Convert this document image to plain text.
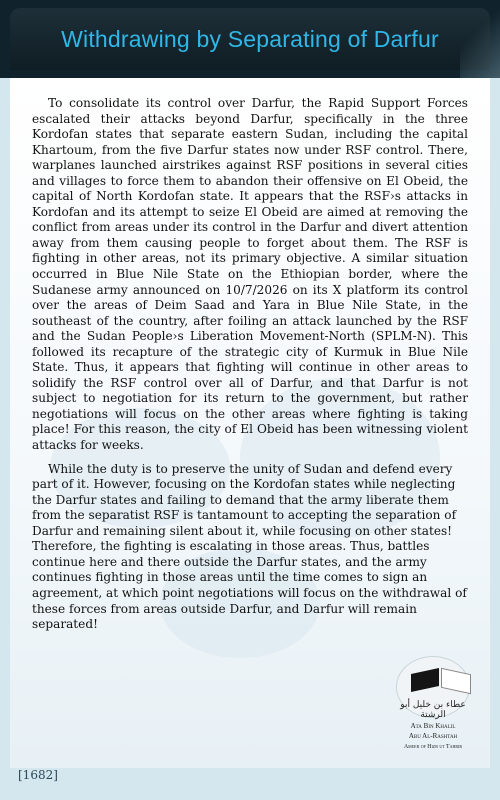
Withdrawing by Separating of Darfur

To consolidate its control over Darfur, the Rapid Support Forces escalated their attacks beyond Darfur, specifically in the three Kordofan states that separate eastern Sudan, including the capital Khartoum, from the five Darfur states now under RSF control. There, warplanes launched airstrikes against RSF positions in several cities and villages to force them to abandon their offensive on El Obeid, the capital of North Kordofan state. It appears that the RSF›s attacks in Kordofan and its attempt to seize El Obeid are aimed at removing the conflict from areas under its control in the Darfur and divert attention away from them causing people to forget about them. The RSF is fighting in other areas, not its primary objective. A similar situation occurred in Blue Nile State on the Ethiopian border, where the Sudanese army announced on 10/7/2026 on its X platform its control over the areas of Deim Saad and Yara in Blue Nile State, in the southeast of the country, after foiling an attack launched by the RSF and the Sudan People›s Liberation Movement-North (SPLM-N). This followed its recapture of the strategic city of Kurmuk in Blue Nile State. Thus, it appears that fighting will continue in other areas to solidify the RSF control over all of Darfur, and that Darfur is not subject to negotiation for its return to the government, but rather negotiations will focus on the other areas where fighting is taking place! For this reason, the city of El Obeid has been witnessing violent attacks for weeks.

While the duty is to preserve the unity of Sudan and defend every part of it. However, focusing on the Kordofan states while neglecting the Darfur states and failing to demand that the army liberate them from the separatist RSF is tantamount to accepting the separation of Darfur and remaining silent about it, while focusing on other states! Therefore, the fighting is escalating in those areas. Thus, battles continue here and there outside the Darfur states, and the army continues fighting in those areas until the time comes to sign an agreement, at which point negotiations will focus on the withdrawal of these forces from areas outside Darfur, and Darfur will remain separated!

عطاء بن خليل أبو الرشتة
Ata Bin Khalil
Abu Al-Rashtah
Ameer of Hizb ut Tahrir
[1682]
